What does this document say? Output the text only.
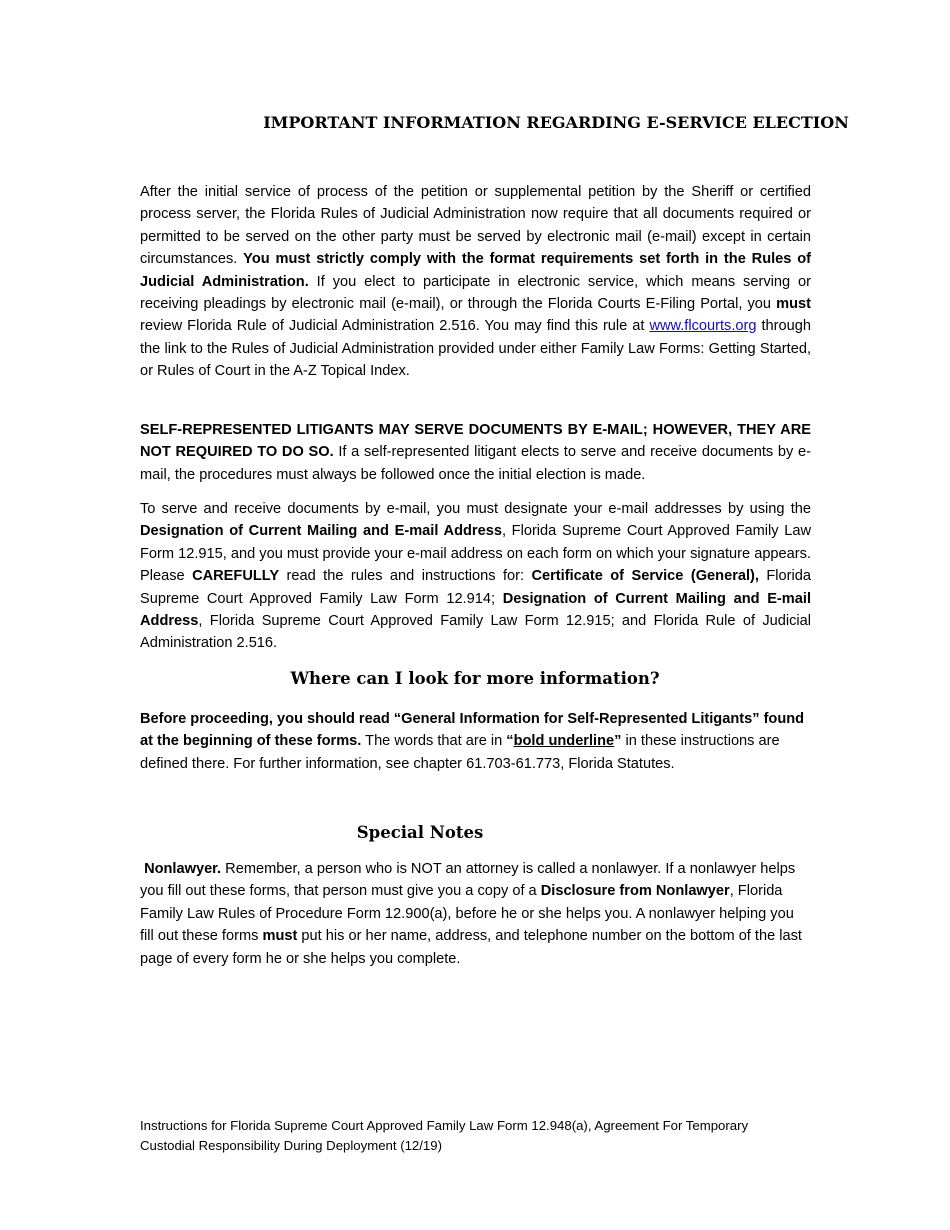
IMPORTANT INFORMATION REGARDING E-SERVICE ELECTION

After the initial service of process of the petition or supplemental petition by the Sheriff or certified process server, the Florida Rules of Judicial Administration now require that all documents required or permitted to be served on the other party must be served by electronic mail (e-mail) except in certain circumstances. You must strictly comply with the format requirements set forth in the Rules of Judicial Administration. If you elect to participate in electronic service, which means serving or receiving pleadings by electronic mail (e-mail), or through the Florida Courts E-Filing Portal, you must review Florida Rule of Judicial Administration 2.516. You may find this rule at www.flcourts.org through the link to the Rules of Judicial Administration provided under either Family Law Forms: Getting Started, or Rules of Court in the A-Z Topical Index.

SELF-REPRESENTED LITIGANTS MAY SERVE DOCUMENTS BY E-MAIL; HOWEVER, THEY ARE NOT REQUIRED TO DO SO. If a self-represented litigant elects to serve and receive documents by e-mail, the procedures must always be followed once the initial election is made.

To serve and receive documents by e-mail, you must designate your e-mail addresses by using the Designation of Current Mailing and E-mail Address, Florida Supreme Court Approved Family Law Form 12.915, and you must provide your e-mail address on each form on which your signature appears. Please CAREFULLY read the rules and instructions for: Certificate of Service (General), Florida Supreme Court Approved Family Law Form 12.914; Designation of Current Mailing and E-mail Address, Florida Supreme Court Approved Family Law Form 12.915; and Florida Rule of Judicial Administration 2.516.

Where can I look for more information?

Before proceeding, you should read “General Information for Self-Represented Litigants” found at the beginning of these forms. The words that are in “bold underline” in these instructions are defined there. For further information, see chapter 61.703-61.773, Florida Statutes.

Special Notes

Nonlawyer. Remember, a person who is NOT an attorney is called a nonlawyer. If a nonlawyer helps you fill out these forms, that person must give you a copy of a Disclosure from Nonlawyer, Florida Family Law Rules of Procedure Form 12.900(a), before he or she helps you. A nonlawyer helping you fill out these forms must put his or her name, address, and telephone number on the bottom of the last page of every form he or she helps you complete.

Instructions for Florida Supreme Court Approved Family Law Form 12.948(a), Agreement For Temporary
Custodial Responsibility During Deployment (12/19)
